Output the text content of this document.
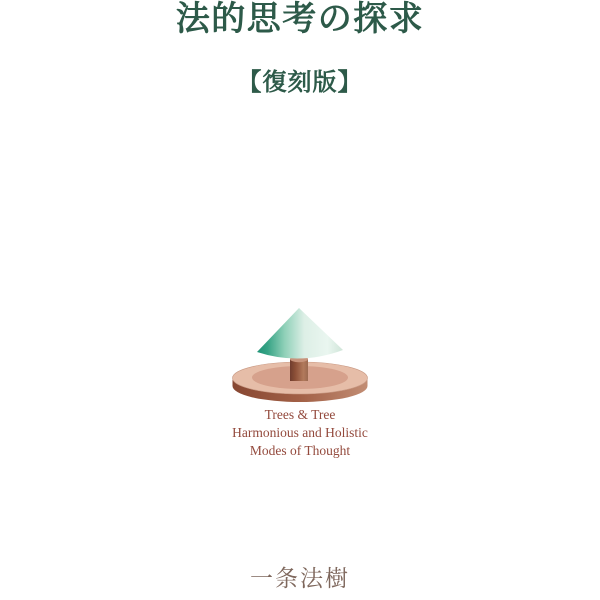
法的思考の探求
【復刻版】
Trees & Tree
Harmonious and Holistic
Modes of Thought
一条法樹
